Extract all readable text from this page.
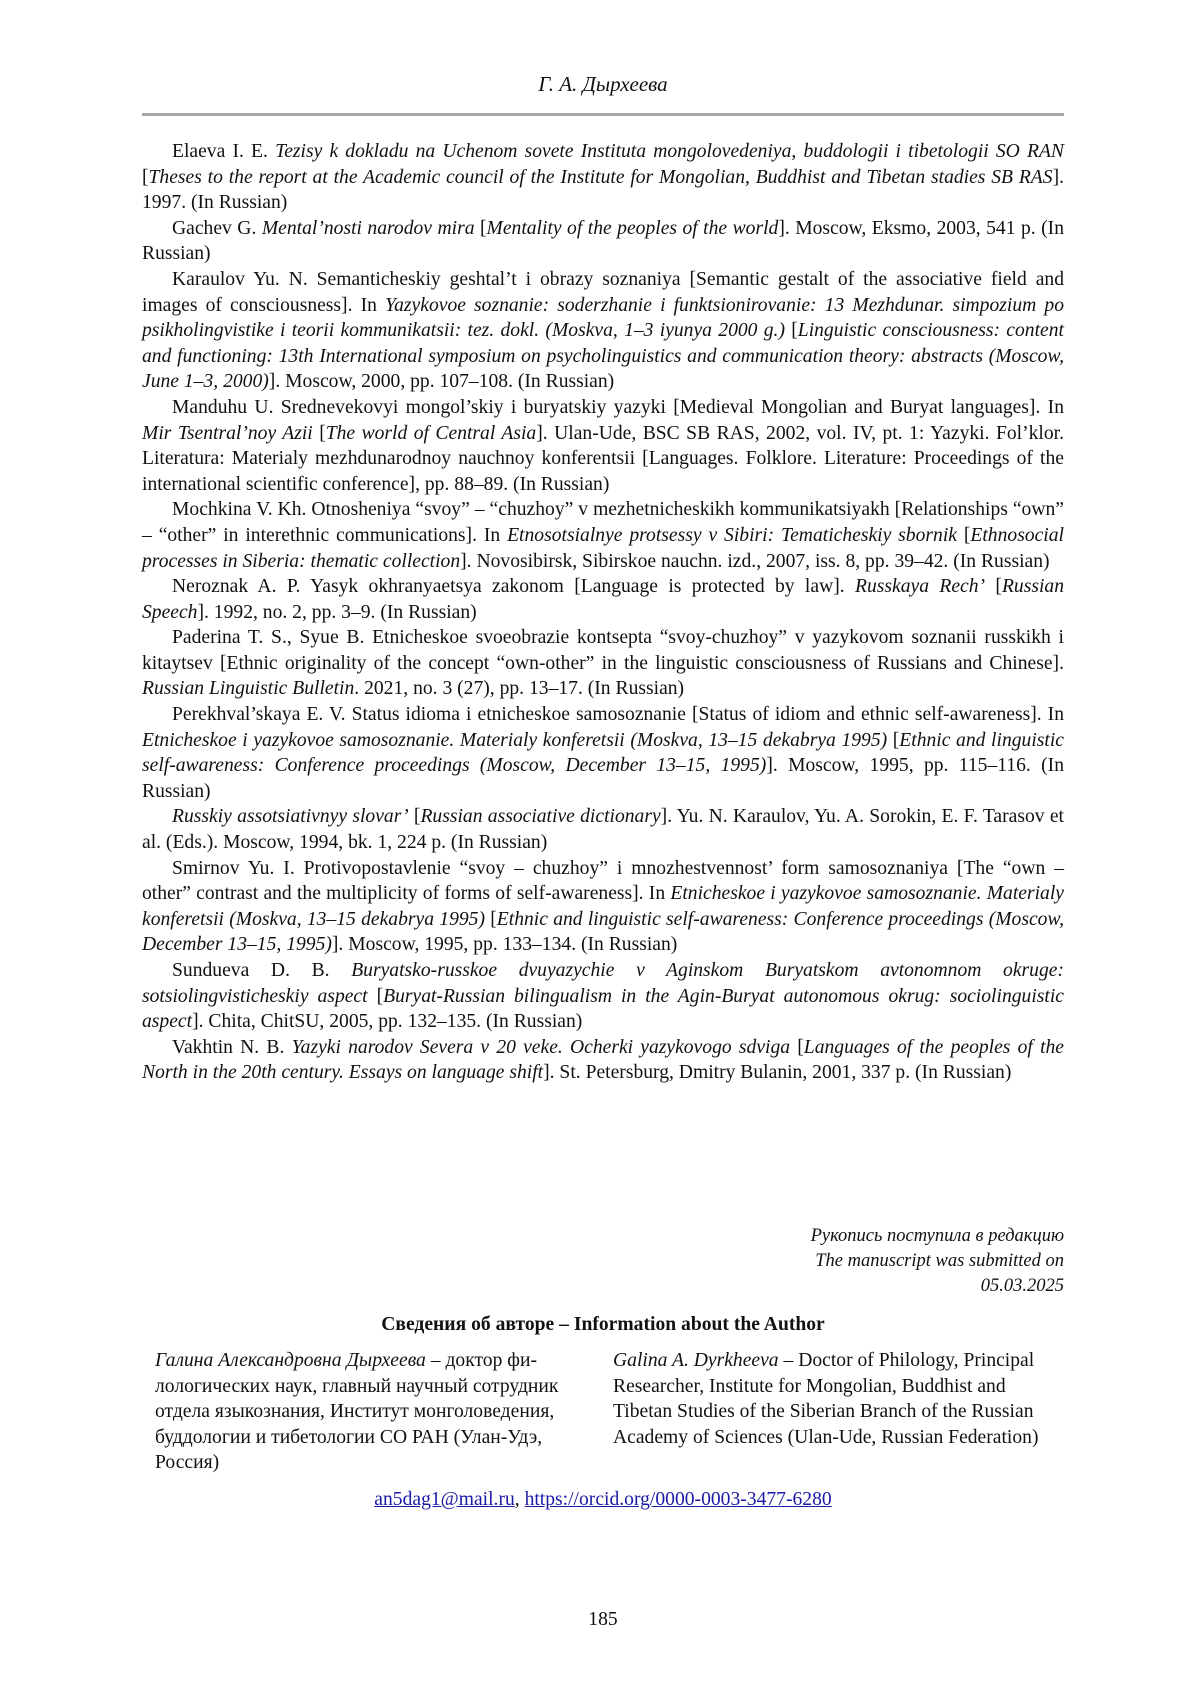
Г. А. Дырхеева

Elaeva I. E. Tezisy k dokladu na Uchenom sovete Instituta mongolovedeniya, buddologii i tibetologii SO RAN [Theses to the report at the Academic council of the Institute for Mongolian, Buddhist and Tibetan stadies SB RAS]. 1997. (In Russian)

Gachev G. Mental’nosti narodov mira [Mentality of the peoples of the world]. Moscow, Eksmo, 2003, 541 p. (In Russian)

Karaulov Yu. N. Semanticheskiy geshtal’t i obrazy soznaniya [Semantic gestalt of the associative field and images of consciousness]. In Yazykovoe soznanie: soderzhanie i funktsionirovanie: 13 Mezhdunar. simpozium po psikholingvistike i teorii kommunikatsii: tez. dokl. (Moskva, 1–3 iyunya 2000 g.) [Linguistic consciousness: content and functioning: 13th International symposium on psycholinguistics and communication theory: abstracts (Moscow, June 1–3, 2000)]. Moscow, 2000, pp. 107–108. (In Russian)

Manduhu U. Srednevekovyi mongol’skiy i buryatskiy yazyki [Medieval Mongolian and Buryat languages]. In Mir Tsentral’noy Azii [The world of Central Asia]. Ulan-Ude, BSC SB RAS, 2002, vol. IV, pt. 1: Yazyki. Fol’klor. Literatura: Materialy mezhdunarodnoy nauchnoy konferentsii [Languages. Folklore. Literature: Proceedings of the international scientific conference], pp. 88–89. (In Russian)

Mochkina V. Kh. Otnosheniya “svoy” – “chuzhoy” v mezhetnicheskikh kommunikatsiyakh [Relationships “own” – “other” in interethnic communications]. In Etnosotsialnye protsessy v Sibiri: Tematicheskiy sbornik [Ethnosocial processes in Siberia: thematic collection]. Novosibirsk, Sibirskoe nauchn. izd., 2007, iss. 8, pp. 39–42. (In Russian)

Neroznak A. P. Yasyk okhranyaetsya zakonom [Language is protected by law]. Russkaya Rech’ [Russian Speech]. 1992, no. 2, pp. 3–9. (In Russian)

Paderina T. S., Syue B. Etnicheskoe svoeobrazie kontsepta “svoy-chuzhoy” v yazykovom soznanii russkikh i kitaytsev [Ethnic originality of the concept “own-other” in the linguistic consciousness of Russians and Chinese]. Russian Linguistic Bulletin. 2021, no. 3 (27), pp. 13–17. (In Russian)

Perekhval’skaya E. V. Status idioma i etnicheskoe samosoznanie [Status of idiom and ethnic self-awareness]. In Etnicheskoe i yazykovoe samosoznanie. Materialy konferetsii (Moskva, 13–15 dekabrya 1995) [Ethnic and linguistic self-awareness: Conference proceedings (Moscow, December 13–15, 1995)]. Moscow, 1995, pp. 115–116. (In Russian)

Russkiy assotsiativnyy slovar’ [Russian associative dictionary]. Yu. N. Karaulov, Yu. A. Sorokin, E. F. Tarasov et al. (Eds.). Moscow, 1994, bk. 1, 224 p. (In Russian)

Smirnov Yu. I. Protivopostavlenie “svoy – chuzhoy” i mnozhestvennost’ form samosoznaniya [The “own – other” contrast and the multiplicity of forms of self-awareness]. In Etnicheskoe i yazykovoe samosoznanie. Materialy konferetsii (Moskva, 13–15 dekabrya 1995) [Ethnic and linguistic self-awareness: Conference proceedings (Moscow, December 13–15, 1995)]. Moscow, 1995, pp. 133–134. (In Russian)

Sundueva D. B. Buryatsko-russkoe dvuyazychie v Aginskom Buryatskom avtonomnom okruge: sotsiolingvisticheskiy aspect [Buryat-Russian bilingualism in the Agin-Buryat autonomous okrug: sociolinguistic aspect]. Chita, ChitSU, 2005, pp. 132–135. (In Russian)

Vakhtin N. B. Yazyki narodov Severa v 20 veke. Ocherki yazykovogo sdviga [Languages of the peoples of the North in the 20th century. Essays on language shift]. St. Petersburg, Dmitry Bulanin, 2001, 337 p. (In Russian)

Рукопись поступила в редакцию
The manuscript was submitted on
05.03.2025
Сведения об авторе – Information about the Author
Галина Александровна Дырхеева – доктор филологических наук, главный научный сотрудник отдела языкознания, Институт монголоведения, буддологии и тибетологии СО РАН (Улан-Удэ, Россия)
Galina A. Dyrkheeva – Doctor of Philology, Principal Researcher, Institute for Mongolian, Buddhist and Tibetan Studies of the Siberian Branch of the Russian Academy of Sciences (Ulan-Ude, Russian Federation)
an5dag1@mail.ru, https://orcid.org/0000-0003-3477-6280
185
